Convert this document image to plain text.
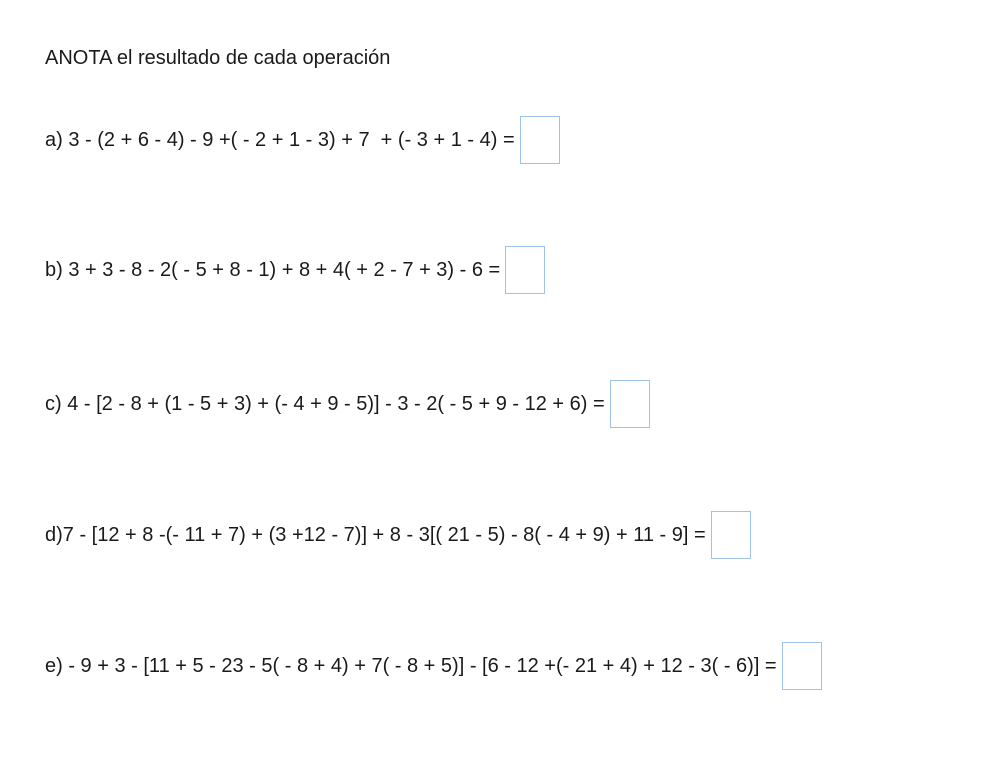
ANOTA el resultado de cada operación
a) 3 - (2 + 6 - 4) - 9 +( - 2 + 1 - 3) + 7  + (- 3 + 1 - 4) =
b) 3 + 3 - 8 - 2( - 5 + 8 - 1) + 8 + 4( + 2 - 7 + 3) - 6 =
c) 4 - [2 - 8 + (1 - 5 + 3) + (- 4 + 9 - 5)] - 3 - 2( - 5 + 9 - 12 + 6) =
d)7 - [12 + 8 -(- 11 + 7) + (3 +12 - 7)] + 8 - 3[( 21 - 5) - 8( - 4 + 9) + 11 - 9] =
e) - 9 + 3 - [11 + 5 - 23 - 5( - 8 + 4) + 7( - 8 + 5)] - [6 - 12 +(- 21 + 4) + 12 - 3( - 6)] =
